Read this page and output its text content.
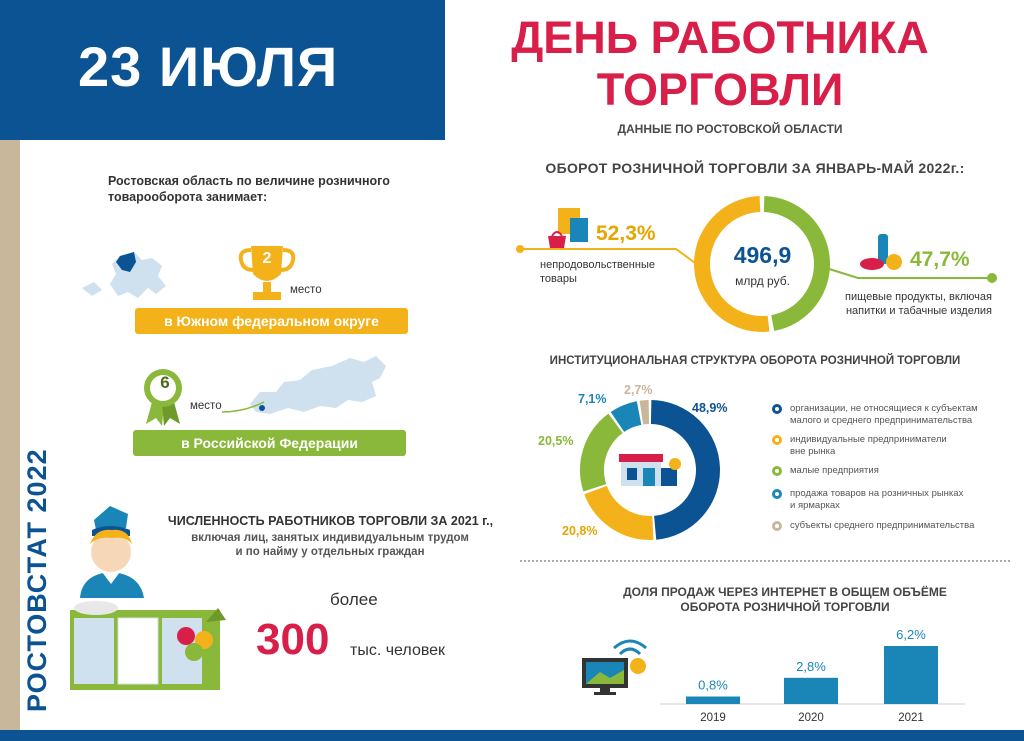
23 ИЮЛЯ	ДЕНЬ РАБОТНИКА
ТОРГОВЛИ
ДАННЫЕ ПО РОСТОВСКОЙ ОБЛАСТИ
РОСТОВСТАТ 2022
Ростовская область по величине розничного товарооборота занимает:
2
место
в Южном федеральном округе
6
место
в Российской Федерации
ЧИСЛЕННОСТЬ РАБОТНИКОВ ТОРГОВЛИ ЗА 2021 г.,
включая лиц, занятых индивидуальным трудом
и по найму у отдельных граждан
более
300 тыс. человек
ОБОРОТ РОЗНИЧНОЙ ТОРГОВЛИ ЗА ЯНВАРЬ-МАЙ 2022г.:
52,3%
непродовольственные
товары
496,9
млрд руб.
47,7%
пищевые продукты, включая
напитки и табачные изделия
ИНСТИТУЦИОНАЛЬНАЯ СТРУКТУРА ОБОРОТА РОЗНИЧНОЙ ТОРГОВЛИ
48,9%
20,8%
20,5%
7,1%
2,7%
организации, не относящиеся к субъектам
малого и среднего предпринимательства
индивидуальные предприниматели
вне рынка
малые предприятия
продажа товаров на розничных рынках
и ярмарках
субъекты среднего предпринимательства
ДОЛЯ ПРОДАЖ ЧЕРЕЗ ИНТЕРНЕТ В ОБЩЕМ ОБЪЁМЕ
ОБОРОТА РОЗНИЧНОЙ ТОРГОВЛИ
0,8%
2019
2,8%
2020
6,2%
2021
